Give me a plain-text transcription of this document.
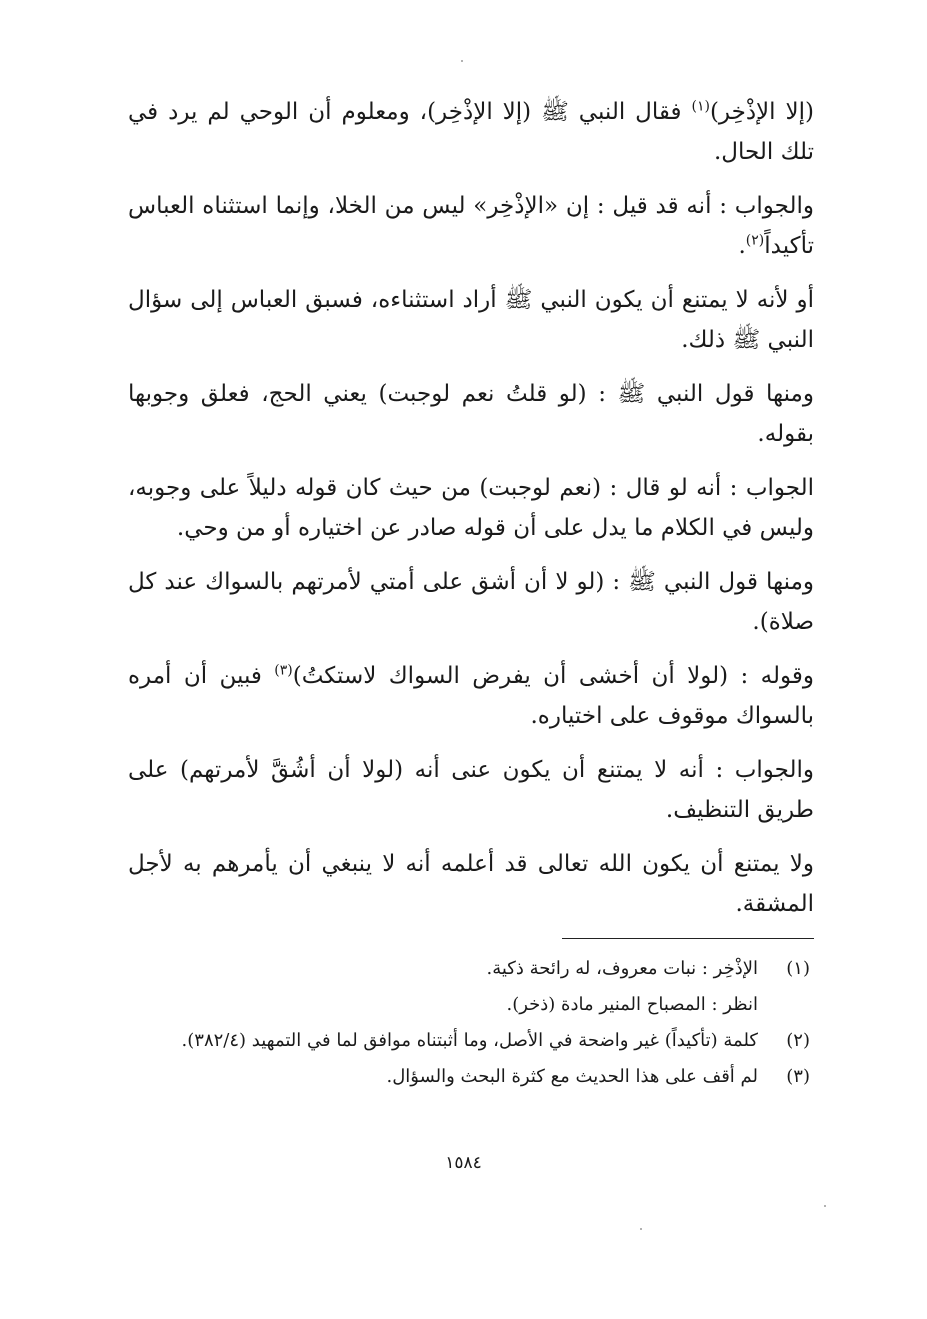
(إلا الإذْخِر)$^{(١)}$ فقال النبي ﷺ (إلا الإذْخِر)، ومعلوم أن الوحي لم يرد في تلك الحال.

والجواب : أنه قد قيل : إن «الإذْخِر» ليس من الخلا، وإنما استثناه العباس تأكيداً$^{(٢)}$.

أو لأنه لا يمتنع أن يكون النبي ﷺ أراد استثناءه، فسبق العباس إلى سؤال النبي ﷺ ذلك.

ومنها قول النبي ﷺ : (لو قلتُ نعم لوجبت) يعني الحج، فعلق وجوبها بقوله.

الجواب : أنه لو قال : (نعم لوجبت) من حيث كان قوله دليلاً على وجوبه، وليس في الكلام ما يدل على أن قوله صادر عن اختياره أو من وحي.

ومنها قول النبي ﷺ : (لو لا أن أشق على أمتي لأمرتهم بالسواك عند كل صلاة).

وقوله : (لولا أن أخشى أن يفرض السواك لاستكتُ)$^{(٣)}$ فبين أن أمره بالسواك موقوف على اختياره.

والجواب : أنه لا يمتنع أن يكون عنى أنه (لولا أن أشُقَّ لأمرتهم) على طريق التنظيف.

ولا يمتنع أن يكون الله تعالى قد أعلمه أنه لا ينبغي أن يأمرهم به لأجل المشقة.

(١)
الإذْخِر : نبات معروف، له رائحة ذكية.
انظر : المصباح المنير مادة (ذخر).
(٢)
كلمة (تأكيداً) غير واضحة في الأصل، وما أثبتناه موافق لما في التمهيد (٣٨٢/٤).
(٣)
لم أقف على هذا الحديث مع كثرة البحث والسؤال.
١٥٨٤
